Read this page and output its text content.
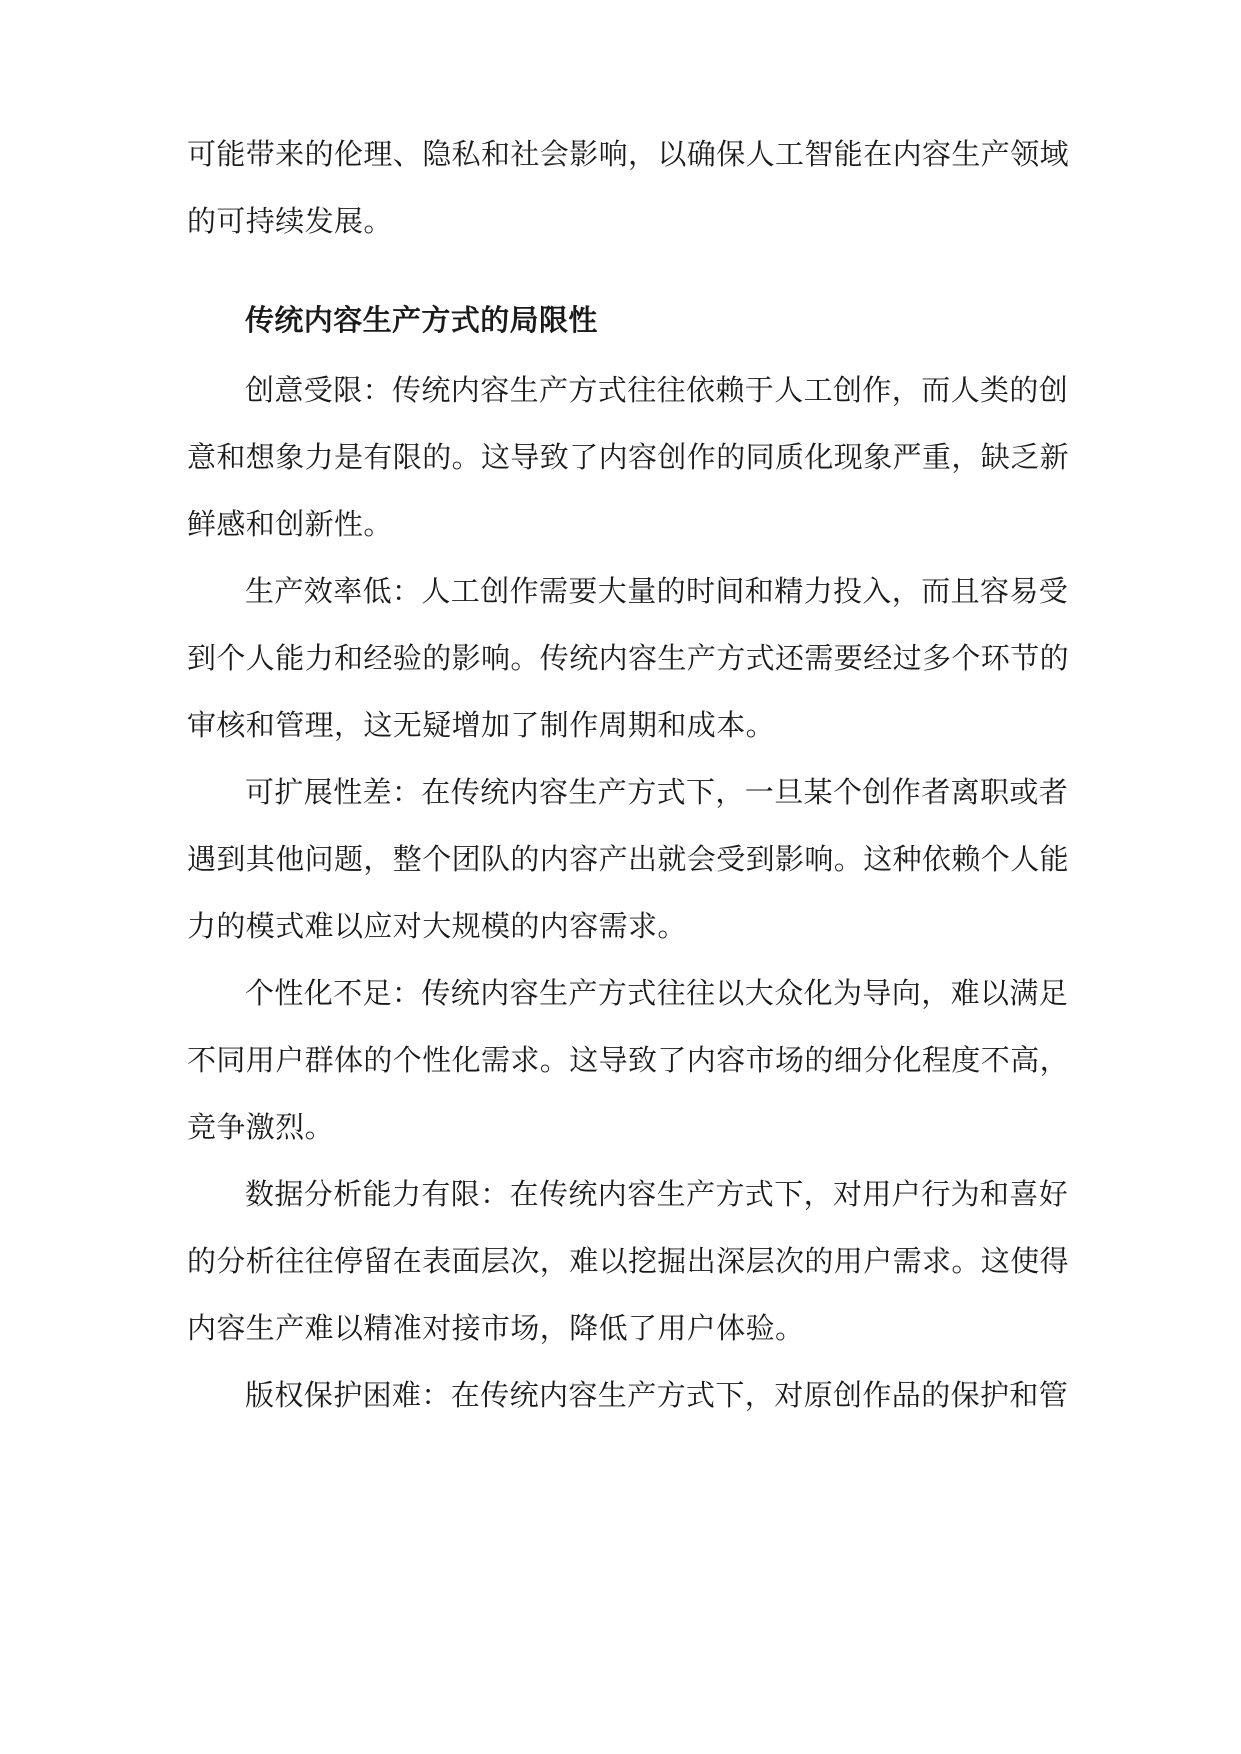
可能带来的伦理、隐私和社会影响，以确保人工智能在内容生产领域
的可持续发展。
传统内容生产方式的局限性
创意受限：传统内容生产方式往往依赖于人工创作，而人类的创
意和想象力是有限的。这导致了内容创作的同质化现象严重，缺乏新
鲜感和创新性。
生产效率低：人工创作需要大量的时间和精力投入，而且容易受
到个人能力和经验的影响。传统内容生产方式还需要经过多个环节的
审核和管理，这无疑增加了制作周期和成本。
可扩展性差：在传统内容生产方式下，一旦某个创作者离职或者
遇到其他问题，整个团队的内容产出就会受到影响。这种依赖个人能
力的模式难以应对大规模的内容需求。
个性化不足：传统内容生产方式往往以大众化为导向，难以满足
不同用户群体的个性化需求。这导致了内容市场的细分化程度不高，
竞争激烈。
数据分析能力有限：在传统内容生产方式下，对用户行为和喜好
的分析往往停留在表面层次，难以挖掘出深层次的用户需求。这使得
内容生产难以精准对接市场，降低了用户体验。
版权保护困难：在传统内容生产方式下，对原创作品的保护和管
